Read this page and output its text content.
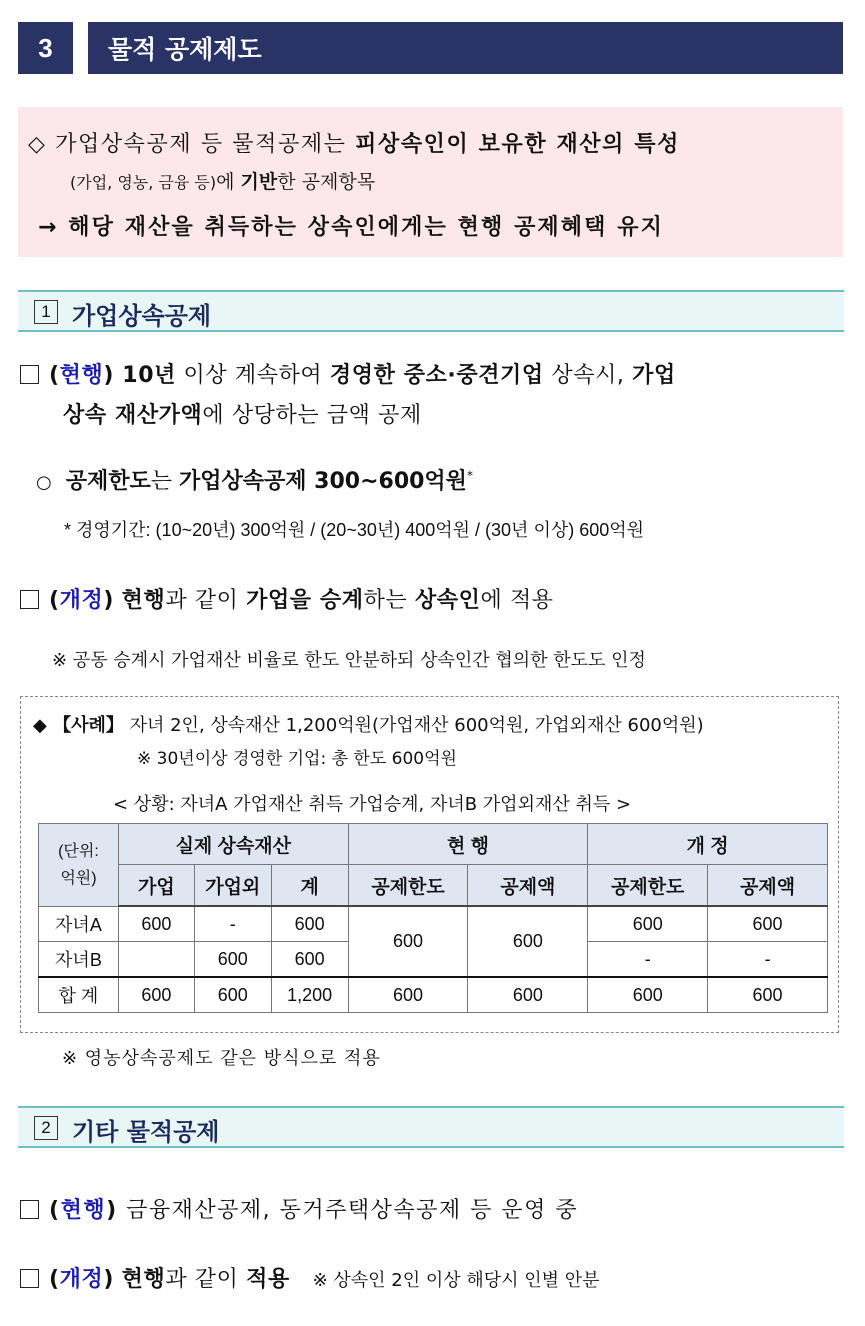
3	물적 공제제도
◇ 가업상속공제 등 물적공제는 피상속인이 보유한 재산의 특성
(가업, 영농, 금융 등)에 기반한 공제항목
→ 해당 재산을 취득하는 상속인에게는 현행 공제혜택 유지
1 가업상속공제
(현행) 10년 이상 계속하여 경영한 중소·중견기업 상속시, 가업
상속 재산가액에 상당하는 금액 공제
○ 공제한도는 가업상속공제 300~600억원*
* 경영기간: (10~20년) 300억원 / (20~30년) 400억원 / (30년 이상) 600억원
(개정) 현행과 같이 가업을 승계하는 상속인에 적용
※ 공동 승계시 가업재산 비율로 한도 안분하되 상속인간 협의한 한도도 인정
◆ 【사례】 자녀 2인, 상속재산 1,200억원(가업재산 600억원, 가업외재산 600억원)
※ 30년이상 경영한 기업: 총 한도 600억원
< 상황: 자녀A 가업재산 취득 가업승계, 자녀B 가업외재산 취득 >
(단위:
억원)	실제 상속재산			현 행		개 정	
	가업	가업외	계	공제한도	공제액	공제한도	공제액
자녀A	600	-	600	600	600	600	600
자녀B		600	600			-	-
합 계	600	600	1,200	600	600	600	600
※ 영농상속공제도 같은 방식으로 적용
2 기타 물적공제
(현행) 금융재산공제, 동거주택상속공제 등 운영 중
(개정) 현행과 같이 적용 ※ 상속인 2인 이상 해당시 인별 안분
